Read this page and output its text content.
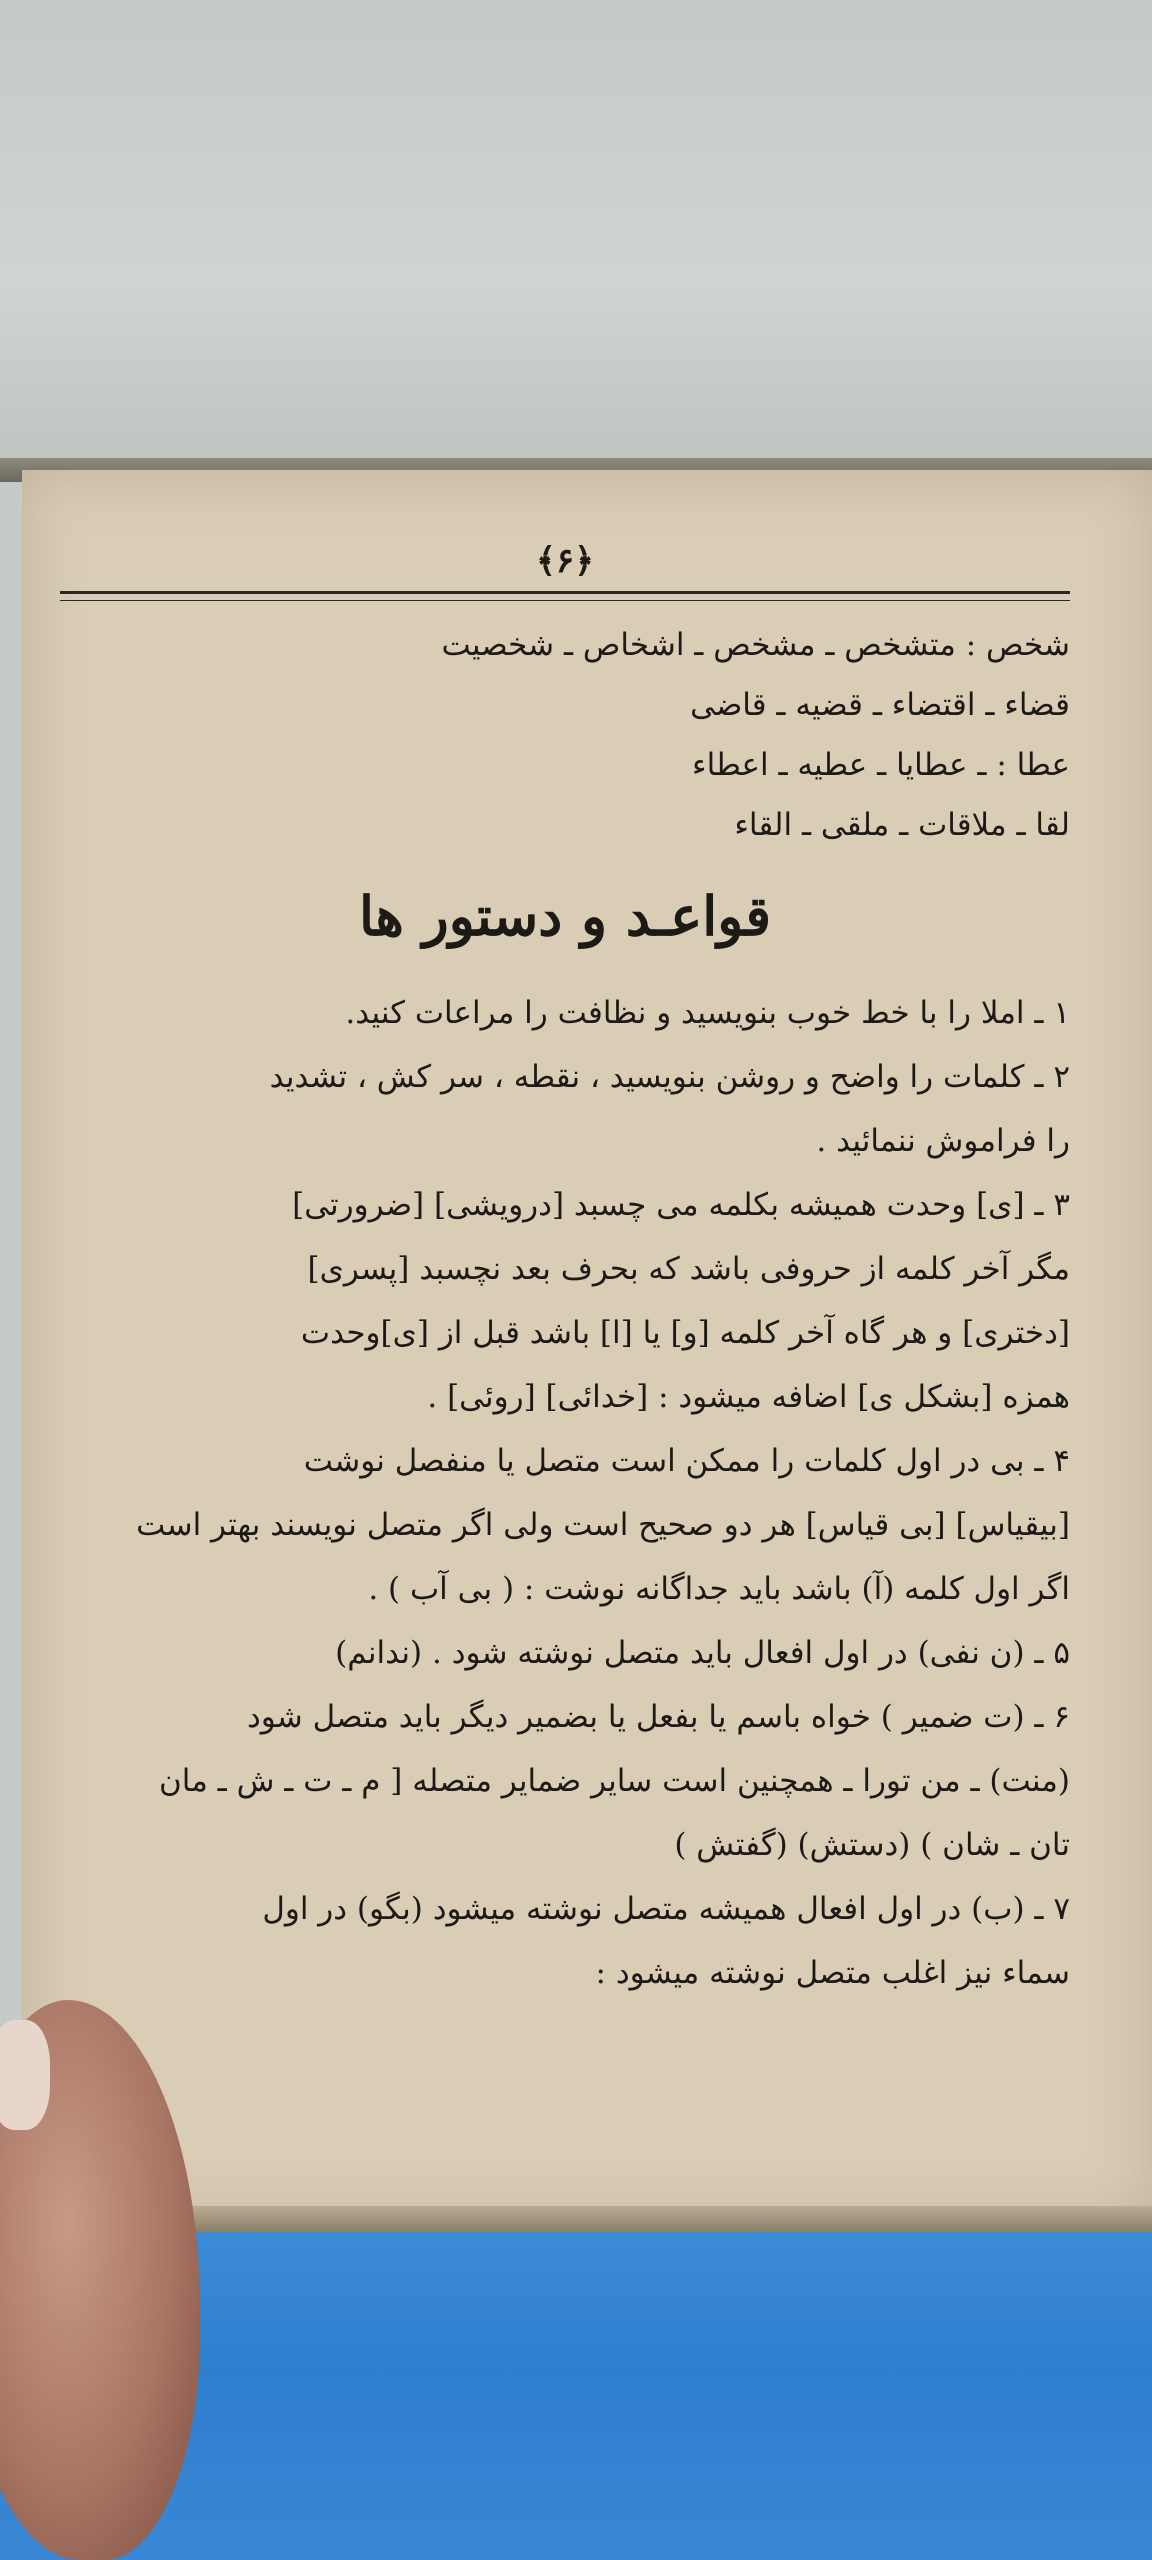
﴿۶﴾
شخص : متشخص ـ مشخص ـ اشخاص ـ شخصیت
قضاء ـ اقتضاء ـ قضیه ـ قاضی
عطا : ـ عطایا ـ عطیه ـ اعطاء
لقا ـ ملاقات ـ ملقی ـ القاء
قواعـد و دستور ها
۱ ـ املا را با خط خوب بنویسید و نظافت را مراعات کنید.
۲ ـ کلمات را واضح و روشن بنویسید ، نقطه ، سر کش ، تشدید
را فراموش ننمائید .
۳ ـ [ی] وحدت همیشه بکلمه می چسبد [درویشی] [ضرورتی]
مگر آخر کلمه از حروفی باشد که بحرف بعد نچسبد [پسری]
[دختری] و هر گاه آخر کلمه [و] یا [ا] باشد قبل از [ی]وحدت
همزه [بشکل ی] اضافه میشود : [خدائی] [روئی] .
۴ ـ بی در اول کلمات را ممکن است متصل یا منفصل نوشت
[بیقیاس] [بی قیاس] هر دو صحیح است ولی اگر متصل نویسند بهتر است
اگر اول کلمه (آ) باشد باید جداگانه نوشت : ( بی آب ) .
۵ ـ (ن نفی) در اول افعال باید متصل نوشته شود . (ندانم)
۶ ـ (ت ضمیر ) خواه باسم یا بفعل یا بضمیر دیگر باید متصل شود
(منت) ـ من تورا ـ همچنین است سایر ضمایر متصله [ م ـ ت ـ ش ـ مان
تان ـ شان ) (دستش) (گفتش )
۷ ـ (ب) در اول افعال همیشه متصل نوشته میشود (بگو) در اول
سماء نیز اغلب متصل نوشته میشود :
